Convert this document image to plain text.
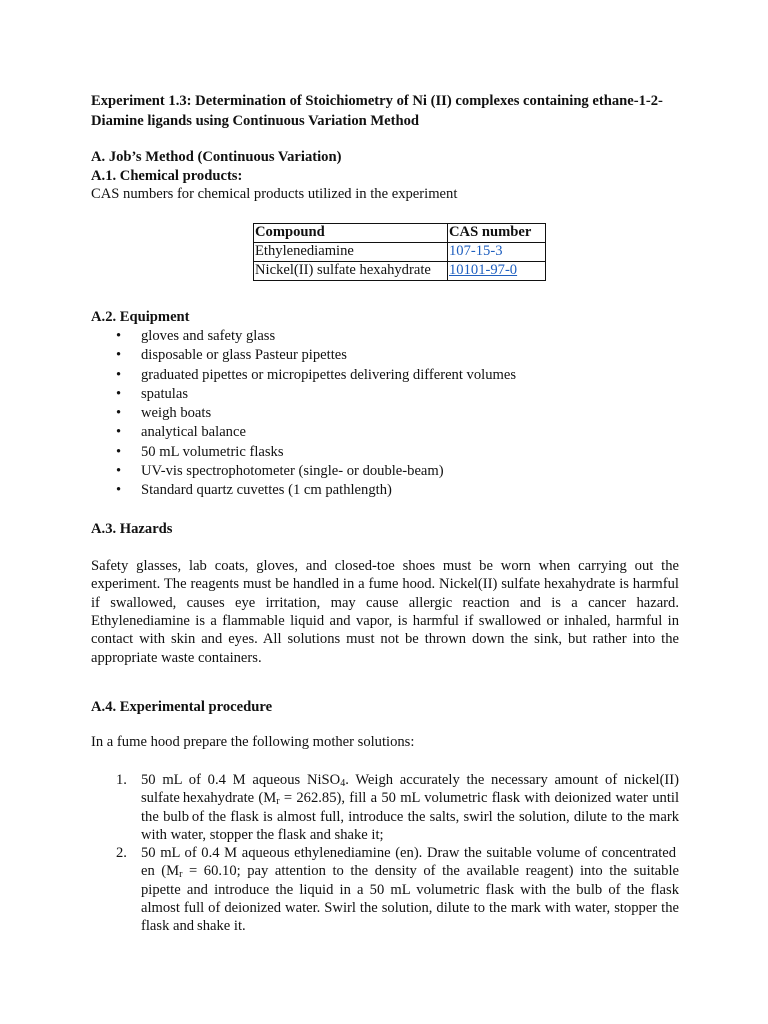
Experiment 1.3: Determination of Stoichiometry of Ni (II) complexes containing ethane-1-2-Diamine ligands using Continuous Variation Method

A. Job’s Method (Continuous Variation)
A.1. Chemical products:
CAS numbers for chemical products utilized in the experiment
Compound	CAS number
Ethylenediamine	107-15-3
Nickel(II) sulfate hexahydrate	10101-97-0
A.2. Equipment
• gloves and safety glass
• disposable or glass Pasteur pipettes
• graduated pipettes or micropipettes delivering different volumes
• spatulas
• weigh boats
• analytical balance
• 50 mL volumetric flasks
• UV-vis spectrophotometer (single- or double-beam)
• Standard quartz cuvettes (1 cm pathlength)
A.3. Hazards

Safety glasses, lab coats, gloves, and closed-toe shoes must be worn when carrying out the experiment. The reagents must be handled in a fume hood. Nickel(II) sulfate hexahydrate is harmful if swallowed, causes eye irritation, may cause allergic reaction and is a cancer hazard. Ethylenediamine is a flammable liquid and vapor, is harmful if swallowed or inhaled, harmful in contact with skin and eyes. All solutions must not be thrown down the sink, but rather into the appropriate waste containers.

A.4. Experimental procedure

In a fume hood prepare the following mother solutions:

1. 50 mL of 0.4 M aqueous NiSO$_4$. Weigh accurately the necessary amount of nickel(II) sulfate hexahydrate $(M_r = 262.85)$, fill a 50 mL volumetric flask with deionized water until the bulb of the flask is almost full, introduce the salts, swirl the solution, dilute to the mark with water, stopper the flask and shake it;
2. 50 mL of 0.4 M aqueous ethylenediamine (en). Draw the suitable volume of concentrated en ($M_r = 60.10$; pay attention to the density of the available reagent) into the suitable pipette and introduce the liquid in a 50 mL volumetric flask with the bulb of the flask almost full of deionized water. Swirl the solution, dilute to the mark with water, stopper the flask and shake it.
